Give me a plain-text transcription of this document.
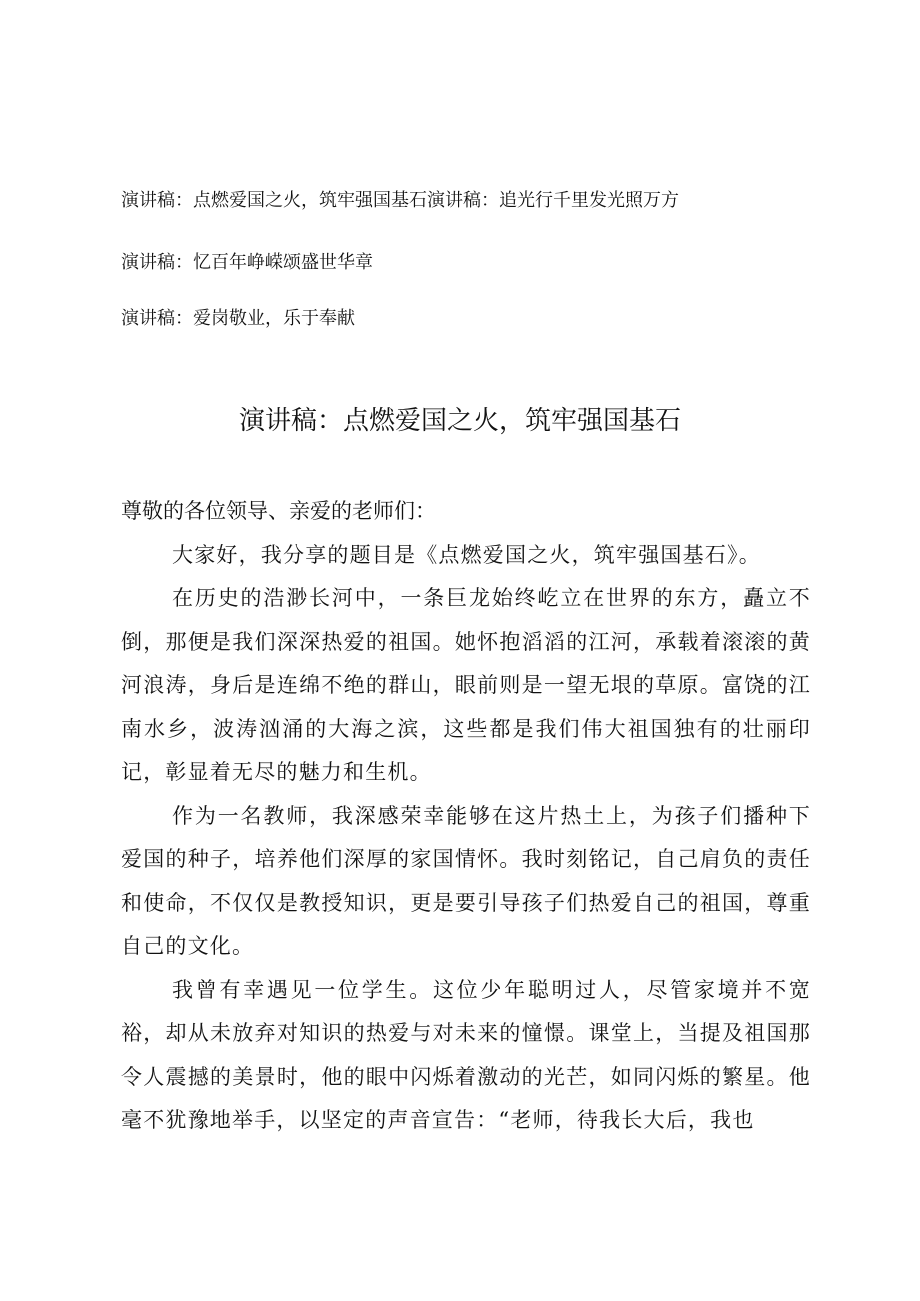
演讲稿：点燃爱国之火，筑牢强国基石演讲稿：追光行千里发光照万方
演讲稿：忆百年峥嵘颂盛世华章
演讲稿：爱岗敬业，乐于奉献
演讲稿：点燃爱国之火，筑牢强国基石

尊敬的各位领导、亲爱的老师们：

大家好，我分享的题目是《点燃爱国之火，筑牢强国基石》。

在历史的浩渺长河中，一条巨龙始终屹立在世界的东方，矗立不倒，那便是我们深深热爱的祖国。她怀抱滔滔的江河，承载着滚滚的黄河浪涛，身后是连绵不绝的群山，眼前则是一望无垠的草原。富饶的江南水乡，波涛汹涌的大海之滨，这些都是我们伟大祖国独有的壮丽印记，彰显着无尽的魅力和生机。

作为一名教师，我深感荣幸能够在这片热土上，为孩子们播种下爱国的种子，培养他们深厚的家国情怀。我时刻铭记，自己肩负的责任和使命，不仅仅是教授知识，更是要引导孩子们热爱自己的祖国，尊重自己的文化。

我曾有幸遇见一位学生。这位少年聪明过人，尽管家境并不宽裕，却从未放弃对知识的热爱与对未来的憧憬。课堂上，当提及祖国那令人震撼的美景时，他的眼中闪烁着激动的光芒，如同闪烁的繁星。他毫不犹豫地举手，以坚定的声音宣告：“老师，待我长大后，我也
